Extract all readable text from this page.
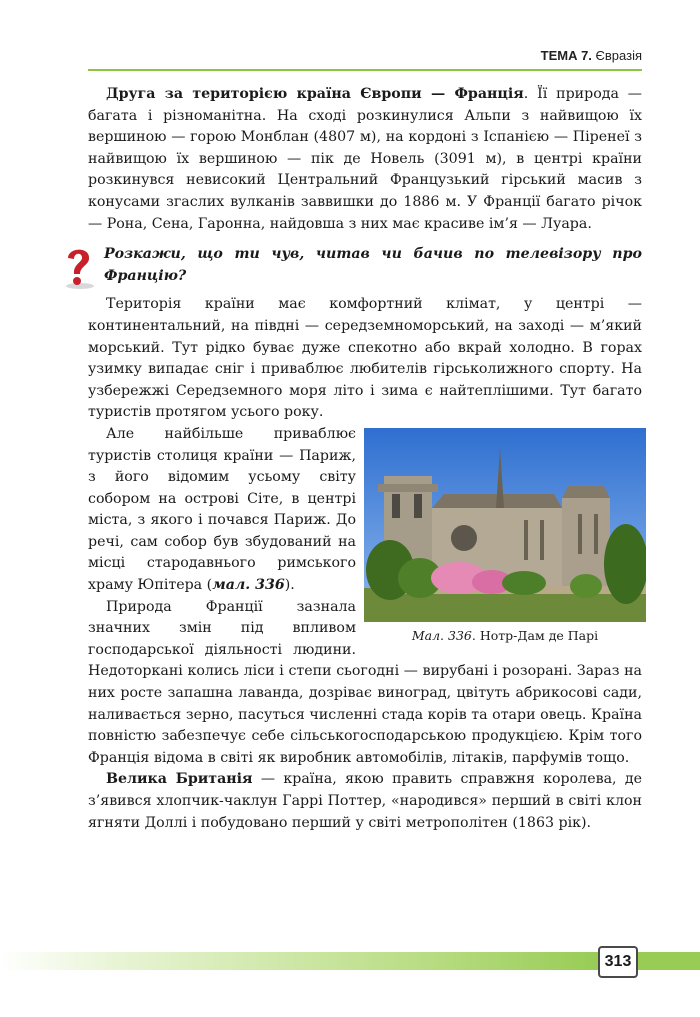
ТЕМА 7. Євразія

Друга за територією країна Європи — Франція. Її природа — багата і різноманітна. На сході розкинулися Альпи з найвищою їх вершиною — горою Монблан (4807 м), на кордоні з Іспанією — Піренеї з найвищою їх вершиною — пік де Новель (3091 м), в центрі країни розкинувся невисокий Центральний Французький гірський масив з конусами згаслих вулканів заввишки до 1886 м. У Франції багато річок — Рона, Сена, Гаронна, найдовша з них має красиве ім’я — Луара.

Розкажи, що ти чув, читав чи бачив по телевізору про Францію?

Територія країни має комфортний клімат, у центрі — континентальний, на півдні — середземноморський, на заході — м’який морський. Тут рідко буває дуже спекотно або вкрай холодно. В горах узимку випадає сніг і приваблює любителів гірськолижного спорту. На узбережжі Середземного моря літо і зима є найтеплішими. Тут багато туристів протягом усього року.

Мал. 336. Нотр-Дам де Парі

Але найбільше приваблює туристів столиця країни — Париж, з його відомим усьому світу собором на острові Сіте, в центрі міста, з якого і почався Париж. До речі, сам собор був збудований на місці стародавнього римського храму Юпітера (мал. 336).

Природа Франції зазнала значних змін під впливом господарської діяльності людини. Недоторкані колись ліси і степи сьогодні — вирубані і розорані. Зараз на них росте запашна лаванда, дозріває виноград, цвітуть абрикосові сади, наливається зерно, пасуться численні стада корів та отари овець. Країна повністю забезпечує себе сільськогосподарською продукцією. Крім того Франція відома в світі як виробник автомобілів, літаків, парфумів тощо.

Велика Британія — країна, якою править справжня королева, де з’явився хлопчик-чаклун Гаррі Поттер, «народився» перший в світі клон ягняти Доллі і побудовано перший у світі метрополітен (1863 рік).

313
